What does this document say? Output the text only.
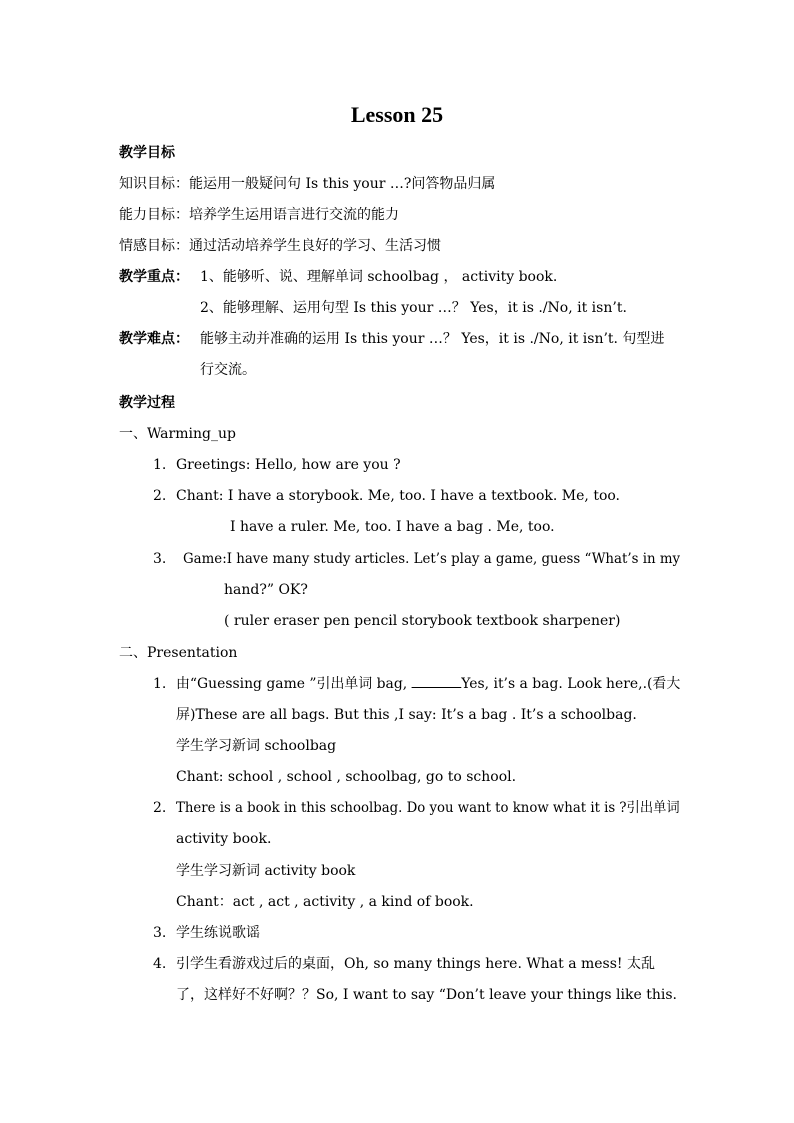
Lesson 25
教学目标
知识目标：能运用一般疑问句 Is this your …?问答物品归属
能力目标：培养学生运用语言进行交流的能力
情感目标：通过活动培养学生良好的学习、生活习惯
教学重点： 1、能够听、说、理解单词 schoolbag ， activity book.
2、能够理解、运用句型 Is this your …？ Yes，it is ./No, it isn’t.
教学难点： 能够主动并准确的运用 Is this your …？ Yes，it is ./No, it isn’t. 句型进
行交流。
教学过程
一、Warming_up
1. Greetings: Hello, how are you ?
2. Chant: I have a storybook. Me, too. I have a textbook. Me, too.
I have a ruler. Me, too. I have a bag . Me, too.
3. Game:I have many study articles. Let’s play a game, guess “What’s in my
hand?” OK?
( ruler eraser pen pencil storybook textbook sharpener)
二、Presentation
1. 由“Guessing game ”引出单词 bag,	Yes, it’s a bag. Look here,.(看大
屏)These are all bags. But this ,I say: It’s a bag . It’s a schoolbag.
学生学习新词 schoolbag
Chant: school , school , schoolbag, go to school.
2. There is a book in this schoolbag. Do you want to know what it is ?引出单词
activity book.
学生学习新词 activity book
Chant：act , act , activity , a kind of book.
3. 学生练说歌谣
4. 引学生看游戏过后的桌面，Oh, so many things here. What a mess! 太乱
了，这样好不好啊？？So, I want to say “Don’t leave your things like this.
